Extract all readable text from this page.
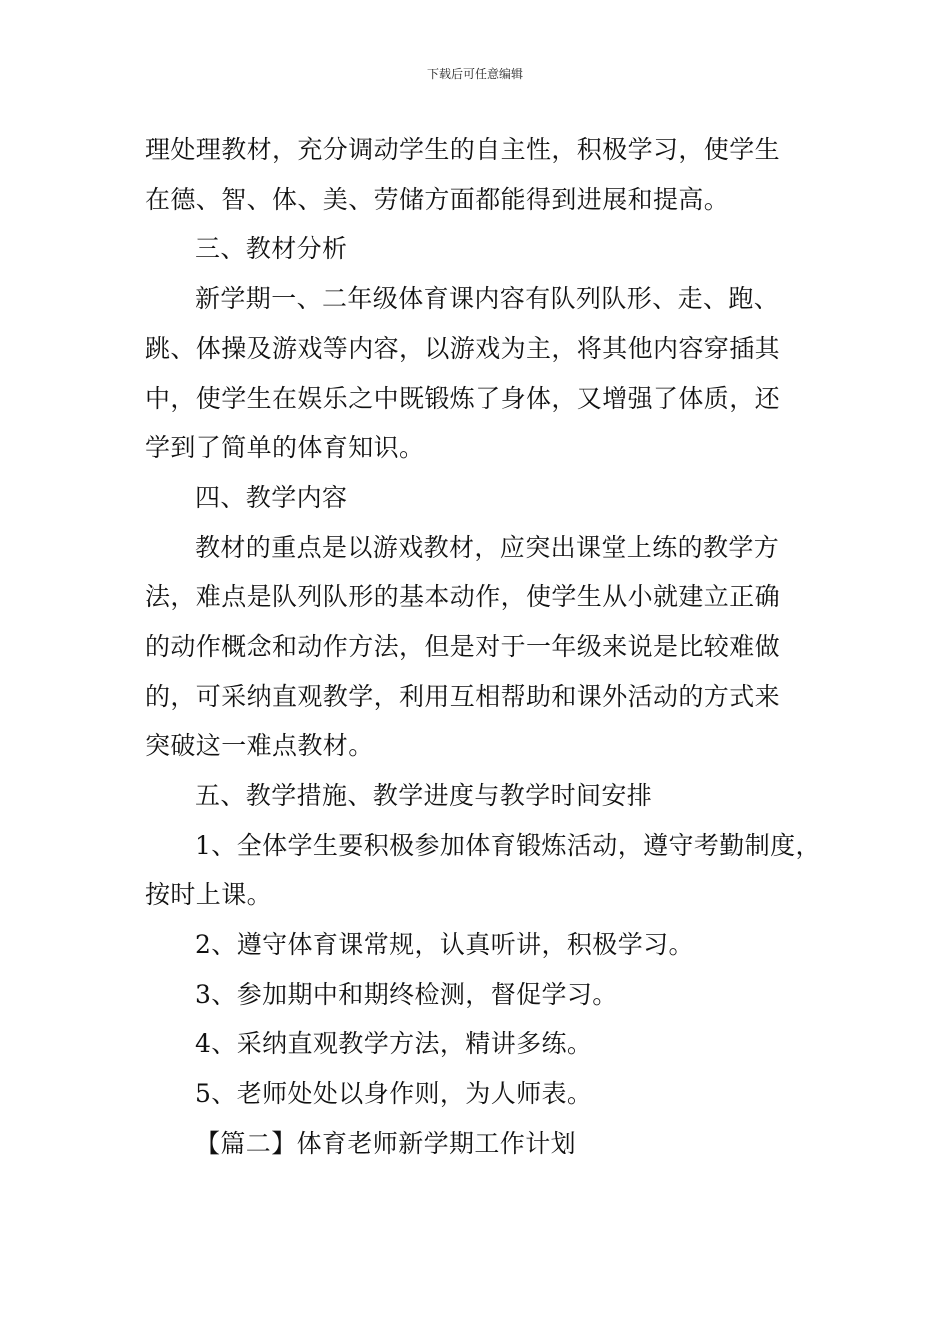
下载后可任意编辑
理处理教材，充分调动学生的自主性，积极学习，使学生
在德、智、体、美、劳储方面都能得到进展和提高。
三、教材分析
新学期一、二年级体育课内容有队列队形、走、跑、
跳、体操及游戏等内容，以游戏为主，将其他内容穿插其
中，使学生在娱乐之中既锻炼了身体，又增强了体质，还
学到了简单的体育知识。
四、教学内容
教材的重点是以游戏教材，应突出课堂上练的教学方
法，难点是队列队形的基本动作，使学生从小就建立正确
的动作概念和动作方法，但是对于一年级来说是比较难做
的，可采纳直观教学，利用互相帮助和课外活动的方式来
突破这一难点教材。
五、教学措施、教学进度与教学时间安排
1、全体学生要积极参加体育锻炼活动，遵守考勤制度，
按时上课。
2、遵守体育课常规，认真听讲，积极学习。
3、参加期中和期终检测，督促学习。
4、采纳直观教学方法，精讲多练。
5、老师处处以身作则，为人师表。
【篇二】体育老师新学期工作计划
